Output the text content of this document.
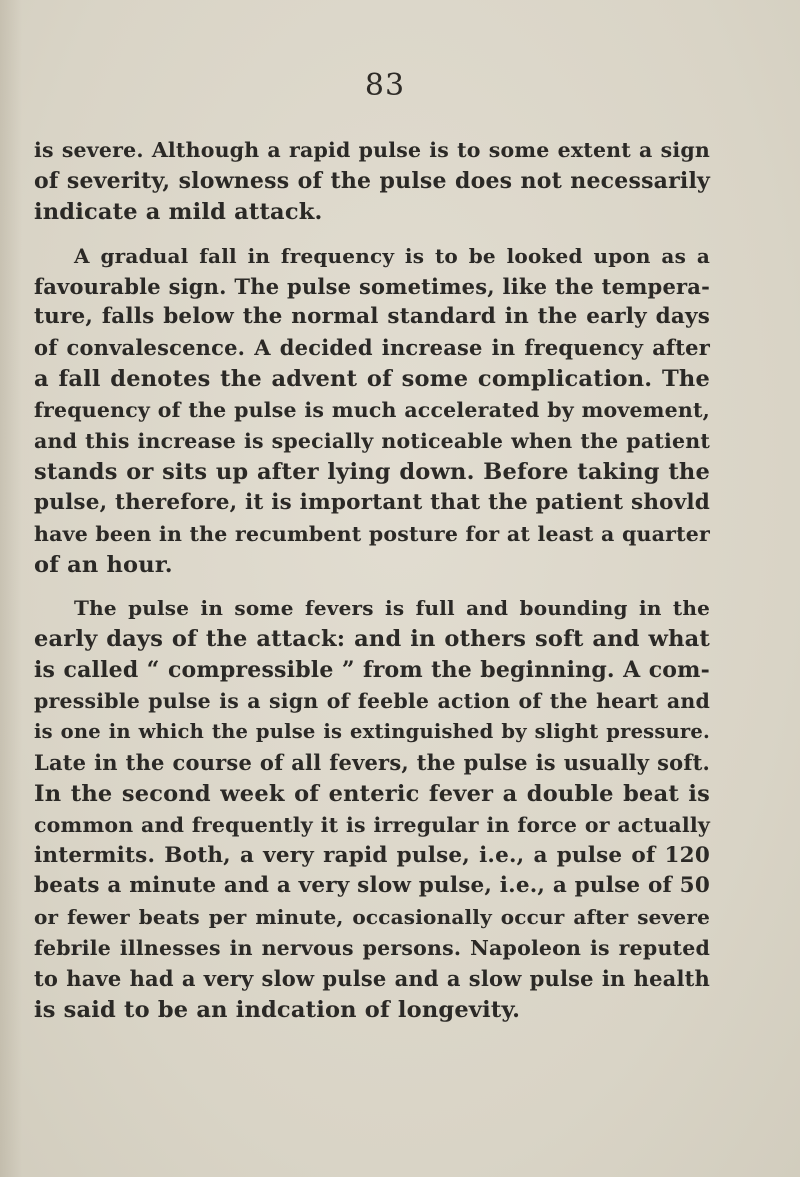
83
is severe. Although a rapid pulse is to some extent a sign
of severity, slowness of the pulse does not necessarily
indicate a mild attack.
A gradual fall in frequency is to be looked upon as a
favourable sign. The pulse sometimes, like the tempera-
ture, falls below the normal standard in the early days
of convalescence. A decided increase in frequency after
a fall denotes the advent of some complication. The
frequency of the pulse is much accelerated by movement,
and this increase is specially noticeable when the patient
stands or sits up after lying down. Before taking the
pulse, therefore, it is important that the patient shovld
have been in the recumbent posture for at least a quarter
of an hour.
The pulse in some fevers is full and bounding in the
early days of the attack: and in others soft and what
is called “ compressible ” from the beginning. A com-
pressible pulse is a sign of feeble action of the heart and
is one in which the pulse is extinguished by slight pressure.
Late in the course of all fevers, the pulse is usually soft.
In the second week of enteric fever a double beat is
common and frequently it is irregular in force or actually
intermits. Both, a very rapid pulse, i.e., a pulse of 120
beats a minute and a very slow pulse, i.e., a pulse of 50
or fewer beats per minute, occasionally occur after severe
febrile illnesses in nervous persons. Napoleon is reputed
to have had a very slow pulse and a slow pulse in health
is said to be an indcation of longevity.
